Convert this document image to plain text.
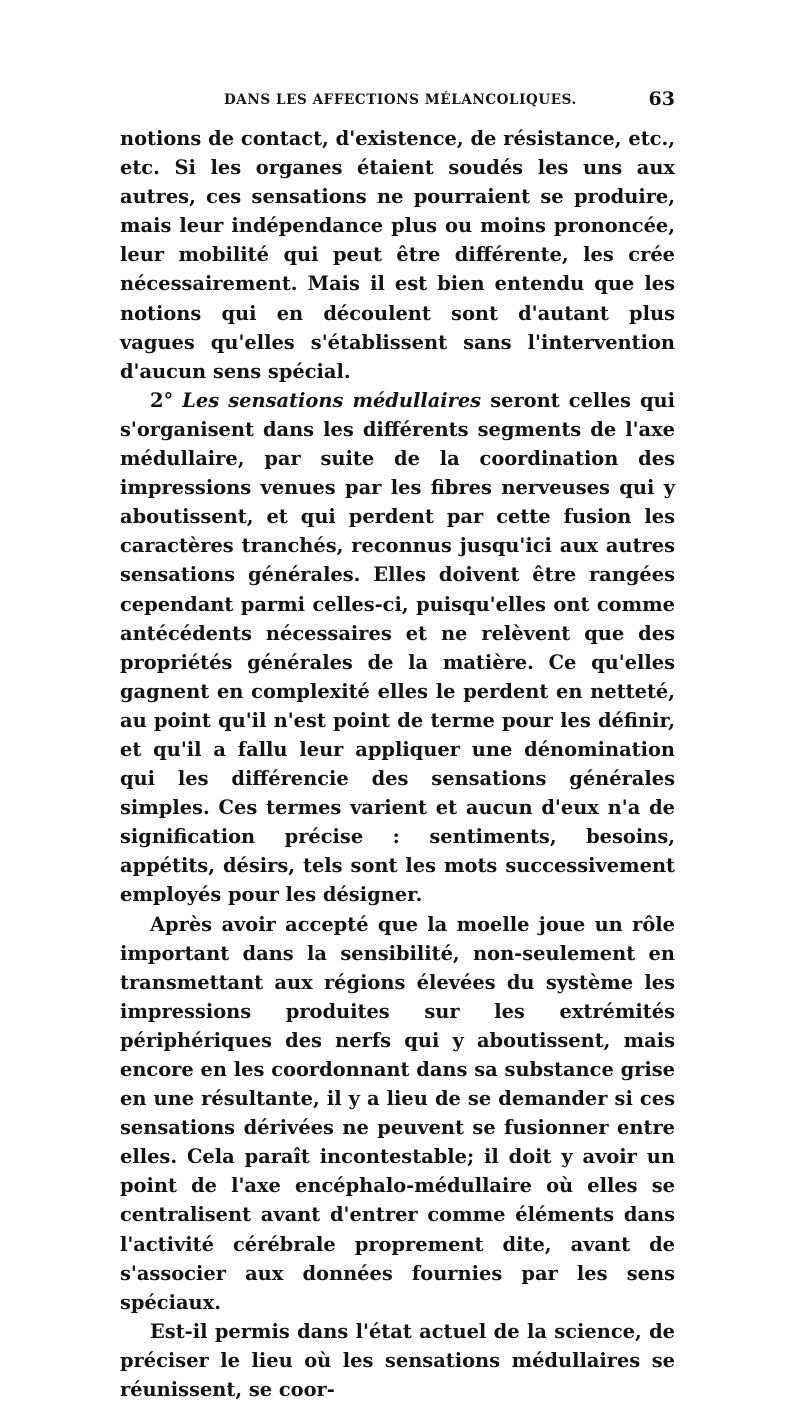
DANS LES AFFECTIONS MÉLANCOLIQUES.	63

notions de contact, d'existence, de résistance, etc., etc. Si les organes étaient soudés les uns aux autres, ces sensations ne pourraient se produire, mais leur indépendance plus ou moins prononcée, leur mobilité qui peut être différente, les crée nécessairement. Mais il est bien entendu que les notions qui en découlent sont d'autant plus vagues qu'elles s'établissent sans l'intervention d'aucun sens spécial.

2° Les sensations médullaires seront celles qui s'organisent dans les différents segments de l'axe médullaire, par suite de la coordination des impressions venues par les fibres nerveuses qui y aboutissent, et qui perdent par cette fusion les caractères tranchés, reconnus jusqu'ici aux autres sensations générales. Elles doivent être rangées cependant parmi celles-ci, puisqu'elles ont comme antécédents nécessaires et ne relèvent que des propriétés générales de la matière. Ce qu'elles gagnent en complexité elles le perdent en netteté, au point qu'il n'est point de terme pour les définir, et qu'il a fallu leur appliquer une dénomination qui les différencie des sensations générales simples. Ces termes varient et aucun d'eux n'a de signification précise : sentiments, besoins, appétits, désirs, tels sont les mots successivement employés pour les désigner.

Après avoir accepté que la moelle joue un rôle important dans la sensibilité, non-seulement en transmettant aux régions élevées du système les impressions produites sur les extrémités périphériques des nerfs qui y aboutissent, mais encore en les coordonnant dans sa substance grise en une résultante, il y a lieu de se demander si ces sensations dérivées ne peuvent se fusionner entre elles. Cela paraît incontestable; il doit y avoir un point de l'axe encéphalo-médullaire où elles se centralisent avant d'entrer comme éléments dans l'activité cérébrale proprement dite, avant de s'associer aux données fournies par les sens spéciaux.

Est-il permis dans l'état actuel de la science, de préciser le lieu où les sensations médullaires se réunissent, se coor-
